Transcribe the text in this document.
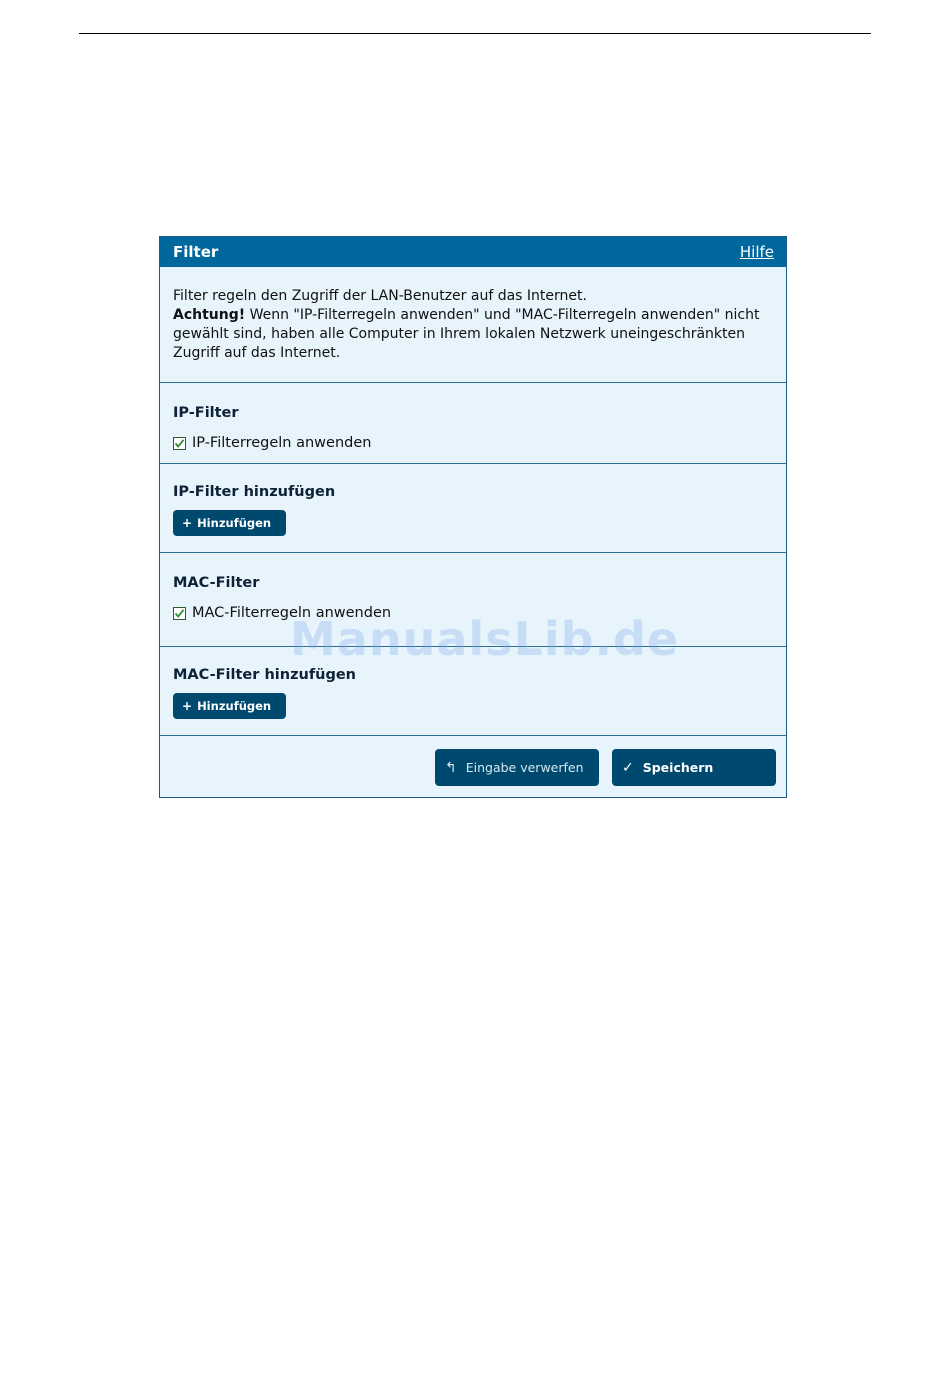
Filter	Hilfe
Filter regeln den Zugriff der LAN-Benutzer auf das Internet.
Achtung! Wenn "IP-Filterregeln anwenden" und "MAC-Filterregeln anwenden" nicht gewählt sind, haben alle Computer in Ihrem lokalen Netzwerk uneingeschränkten Zugriff auf das Internet.
IP-Filter
IP-Filterregeln anwenden
IP-Filter hinzufügen
+ Hinzufügen
MAC-Filter
MAC-Filterregeln anwenden
MAC-Filter hinzufügen
+ Hinzufügen
↰ Eingabe verwerfen	✓ Speichern
ManualsLib.de
